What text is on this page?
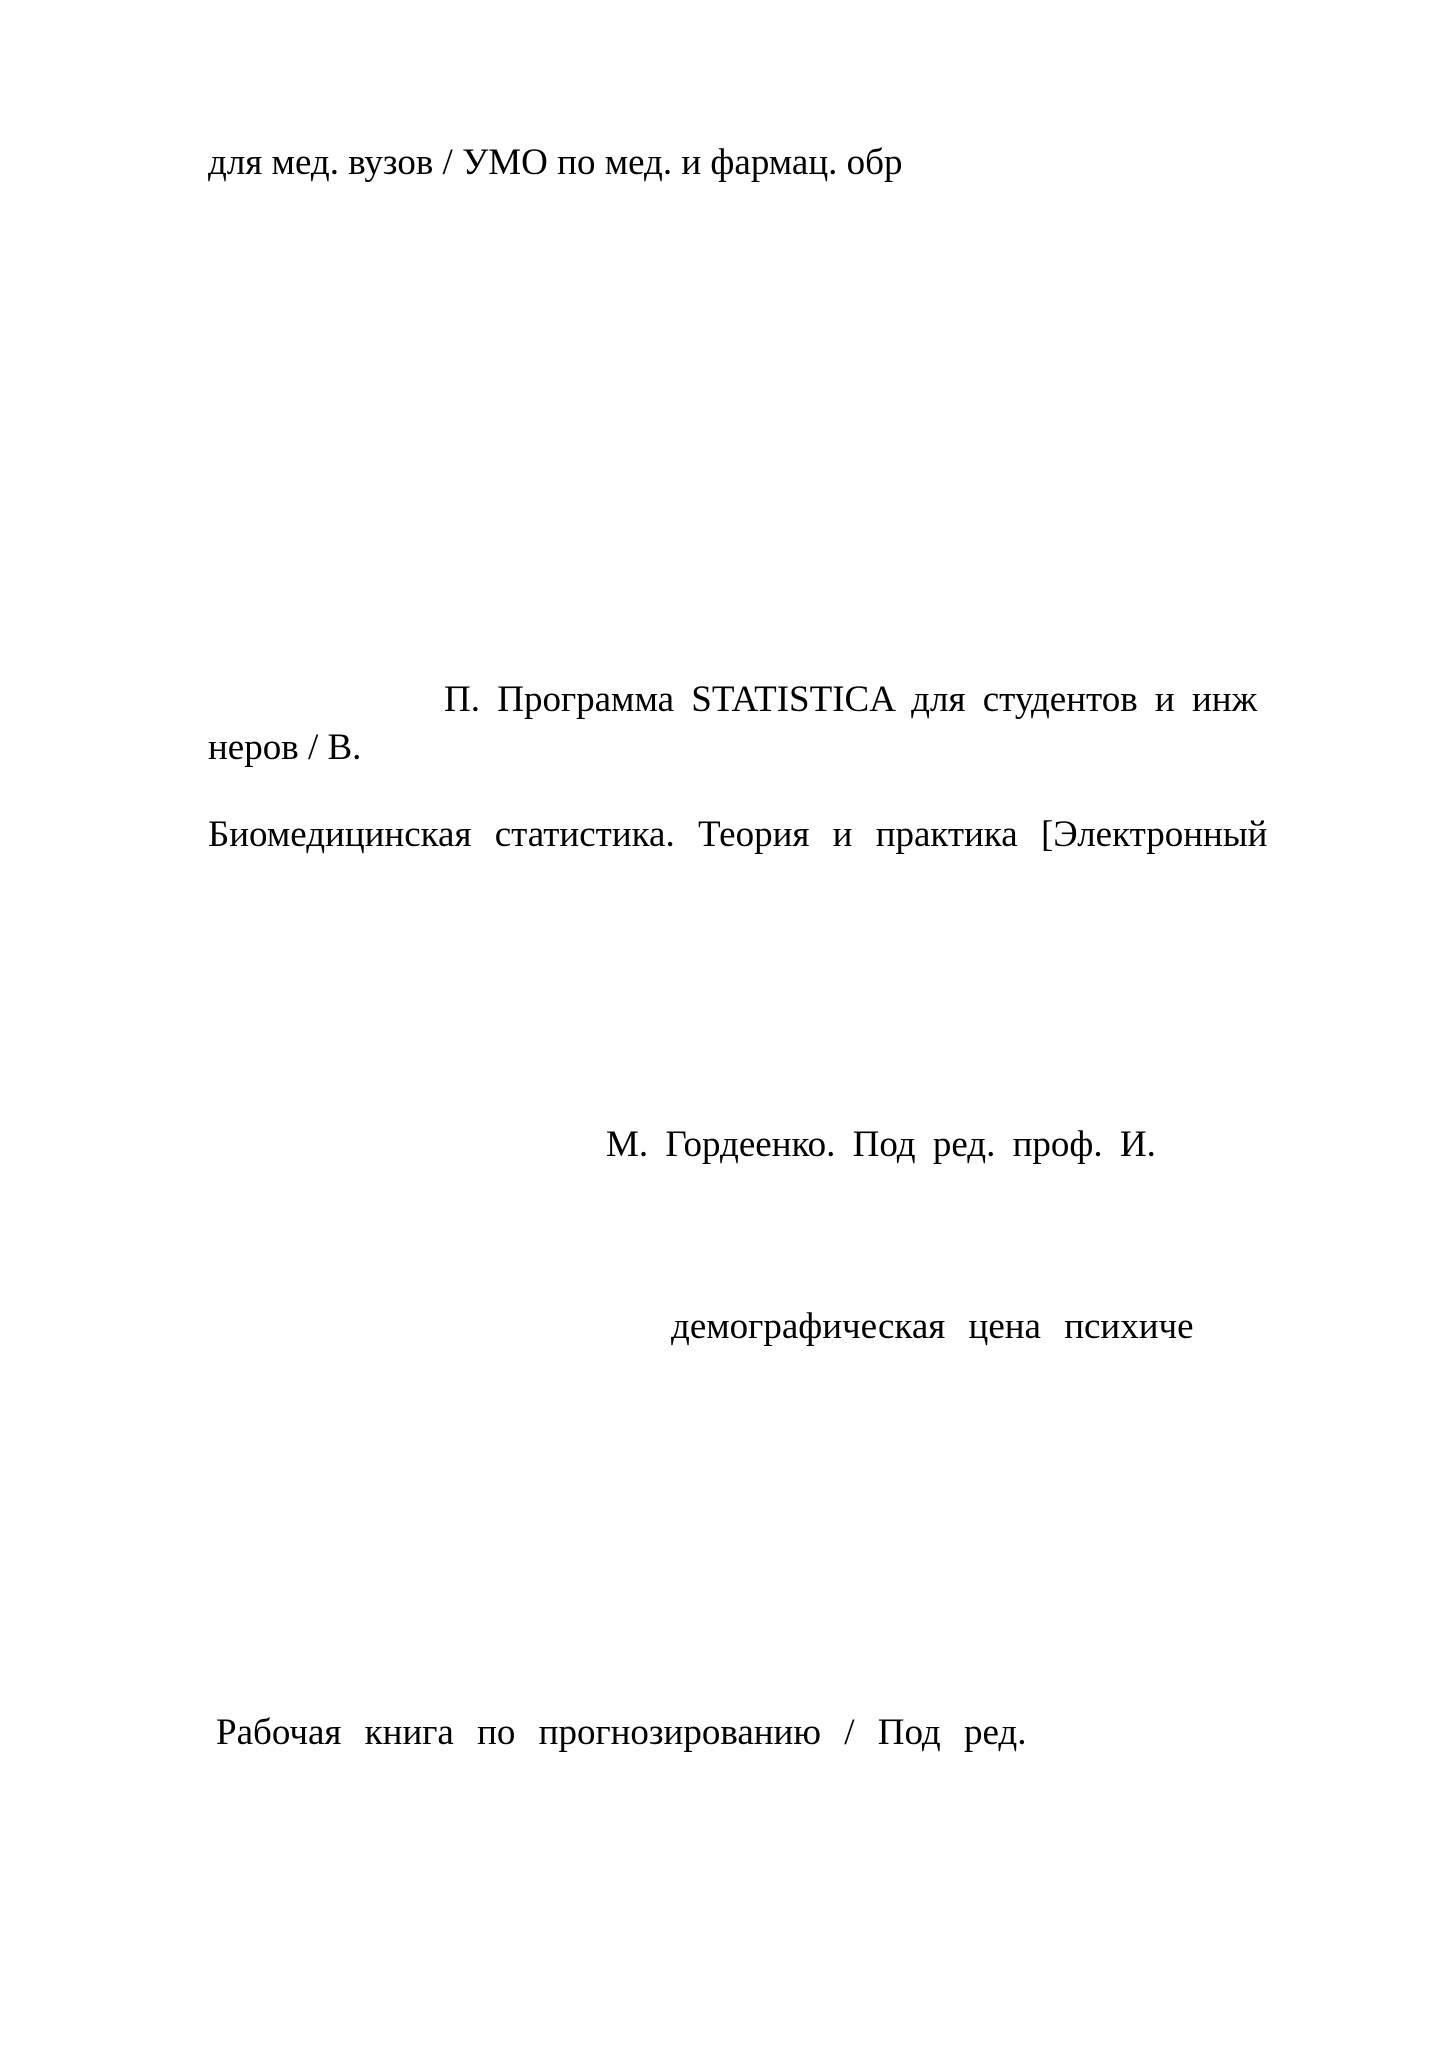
для мед. вузов / УМО по мед. и фармац. обр
П. Программа STATISTICA для студентов и инж
неров / В.
Биомедицинская статистика. Теория и практика [Электронный
М. Гордеенко. Под ред. проф. И.
демографическая цена психиче
Рабочая книга по прогнозированию / Под ред.
